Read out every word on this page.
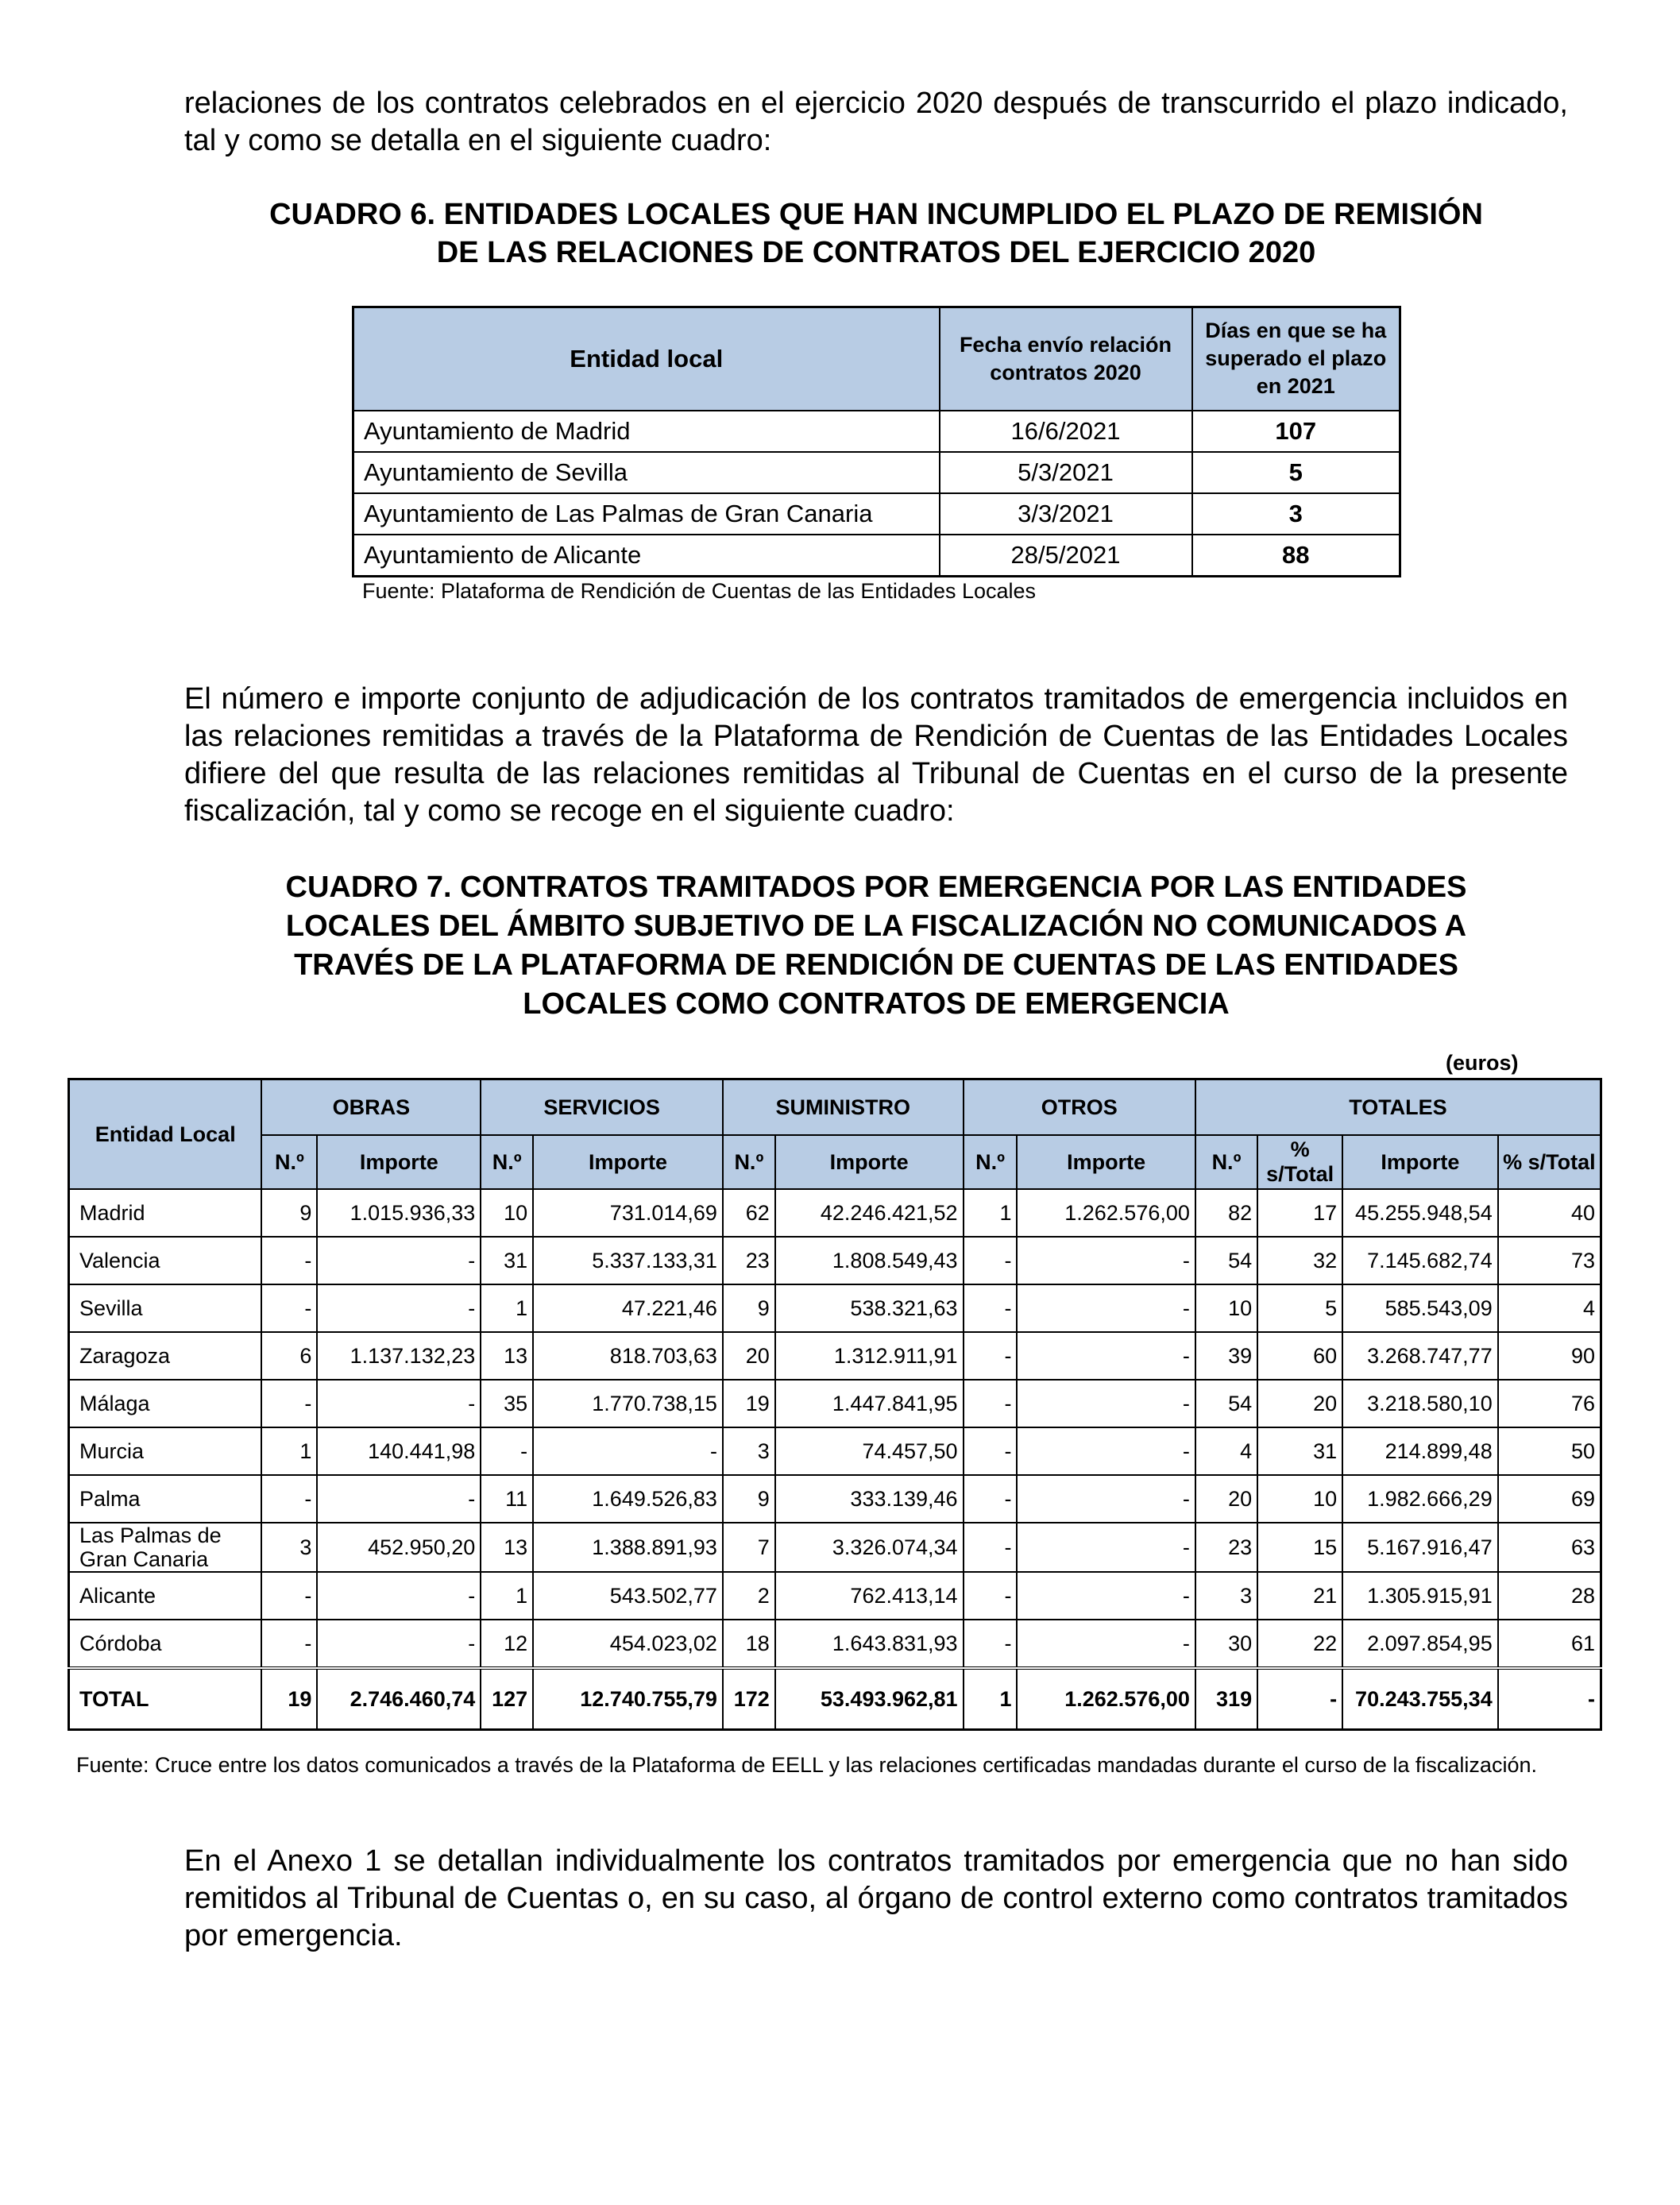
relaciones de los contratos celebrados en el ejercicio 2020 después de transcurrido el plazo indicado, tal y como se detalla en el siguiente cuadro:

CUADRO 6. ENTIDADES LOCALES QUE HAN INCUMPLIDO EL PLAZO DE REMISIÓN
DE LAS RELACIONES DE CONTRATOS DEL EJERCICIO 2020
Entidad local	Fecha envío relación contratos 2020	Días en que se ha superado el plazo en 2021
Ayuntamiento de Madrid	16/6/2021	107
Ayuntamiento de Sevilla	5/3/2021	5
Ayuntamiento de Las Palmas de Gran Canaria	3/3/2021	3
Ayuntamiento de Alicante	28/5/2021	88

Fuente: Plataforma de Rendición de Cuentas de las Entidades Locales

El número e importe conjunto de adjudicación de los contratos tramitados de emergencia incluidos en las relaciones remitidas a través de la Plataforma de Rendición de Cuentas de las Entidades Locales difiere del que resulta de las relaciones remitidas al Tribunal de Cuentas en el curso de la presente fiscalización, tal y como se recoge en el siguiente cuadro:

CUADRO 7. CONTRATOS TRAMITADOS POR EMERGENCIA POR LAS ENTIDADES
LOCALES DEL ÁMBITO SUBJETIVO DE LA FISCALIZACIÓN NO COMUNICADOS A
TRAVÉS DE LA PLATAFORMA DE RENDICIÓN DE CUENTAS DE LAS ENTIDADES
LOCALES COMO CONTRATOS DE EMERGENCIA

(euros)

Entidad Local	OBRAS		SERVICIOS		SUMINISTRO		OTROS		TOTALES			
	N.º	Importe	N.º	Importe	N.º	Importe	N.º	Importe	N.º	% s/Total	Importe	% s/Total
Madrid	9	1.015.936,33	10	731.014,69	62	42.246.421,52	1	1.262.576,00	82	17	45.255.948,54	40
Valencia	-	-	31	5.337.133,31	23	1.808.549,43	-	-	54	32	7.145.682,74	73
Sevilla	-	-	1	47.221,46	9	538.321,63	-	-	10	5	585.543,09	4
Zaragoza	6	1.137.132,23	13	818.703,63	20	1.312.911,91	-	-	39	60	3.268.747,77	90
Málaga	-	-	35	1.770.738,15	19	1.447.841,95	-	-	54	20	3.218.580,10	76
Murcia	1	140.441,98	-	-	3	74.457,50	-	-	4	31	214.899,48	50
Palma	-	-	11	1.649.526,83	9	333.139,46	-	-	20	10	1.982.666,29	69
Las Palmas de Gran Canaria	3	452.950,20	13	1.388.891,93	7	3.326.074,34	-	-	23	15	5.167.916,47	63
Alicante	-	-	1	543.502,77	2	762.413,14	-	-	3	21	1.305.915,91	28
Córdoba	-	-	12	454.023,02	18	1.643.831,93	-	-	30	22	2.097.854,95	61
TOTAL	19	2.746.460,74	127	12.740.755,79	172	53.493.962,81	1	1.262.576,00	319	-	70.243.755,34	-

Fuente: Cruce entre los datos comunicados a través de la Plataforma de EELL y las relaciones certificadas mandadas durante el curso de la fiscalización.

En el Anexo 1 se detallan individualmente los contratos tramitados por emergencia que no han sido remitidos al Tribunal de Cuentas o, en su caso, al órgano de control externo como contratos tramitados por emergencia.
